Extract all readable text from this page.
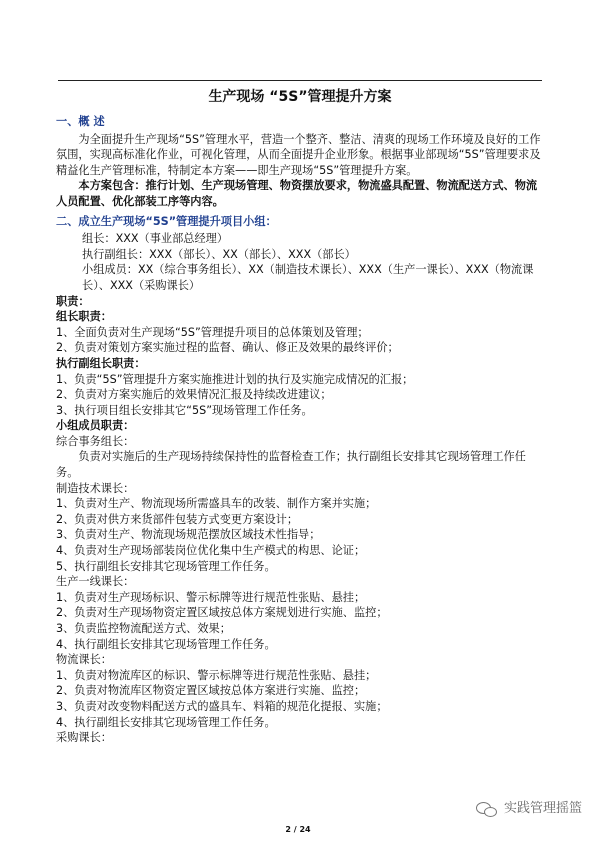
生产现场 “5S”管理提升方案
一、概 述

为全面提升生产现场“5S”管理水平，营造一个整齐、整洁、清爽的现场工作环境及良好的工作氛围，实现高标准化作业，可视化管理，从而全面提升企业形象。根据事业部现场“5S”管理要求及精益化生产管理标准，特制定本方案——即生产现场“5S”管理提升方案。

本方案包含：推行计划、生产现场管理、物资摆放要求，物流盛具配置、物流配送方式、物流人员配置、优化部装工序等内容。

二、成立生产现场“5S”管理提升项目小组：

组长：XXX（事业部总经理）

执行副组长：XXX（部长）、XX（部长）、XXX（部长）

小组成员：XX（综合事务组长）、XX（制造技术课长）、XXX（生产一课长）、XXX（物流课长）、XXX（采购课长）

职责：

组长职责：

1、全面负责对生产现场“5S”管理提升项目的总体策划及管理；

2、负责对策划方案实施过程的监督、确认、修正及效果的最终评价；

执行副组长职责：

1、负责“5S”管理提升方案实施推进计划的执行及实施完成情况的汇报；

2、负责对方案实施后的效果情况汇报及持续改进建议；

3、执行项目组长安排其它“5S”现场管理工作任务。

小组成员职责：

综合事务组长：

负责对实施后的生产现场持续保持性的监督检查工作；执行副组长安排其它现场管理工作任务。

制造技术课长：

1、负责对生产、物流现场所需盛具车的改装、制作方案并实施；

2、负责对供方来货部件包装方式变更方案设计；

3、负责对生产、物流现场规范摆放区域技术性指导；

4、负责对生产现场部装岗位优化集中生产模式的构思、论证；

5、执行副组长安排其它现场管理工作任务。

生产一线课长：

1、负责对生产现场标识、警示标牌等进行规范性张贴、悬挂；

2、负责对生产现场物资定置区域按总体方案规划进行实施、监控；

3、负责监控物流配送方式、效果；

4、执行副组长安排其它现场管理工作任务。

物流课长：

1、负责对物流库区的标识、警示标牌等进行规范性张贴、悬挂；

2、负责对物流库区物资定置区域按总体方案进行实施、监控；

3、负责对改变物料配送方式的盛具车、料箱的规范化提报、实施；

4、执行副组长安排其它现场管理工作任务。

采购课长：

实践管理摇篮
2 / 24
